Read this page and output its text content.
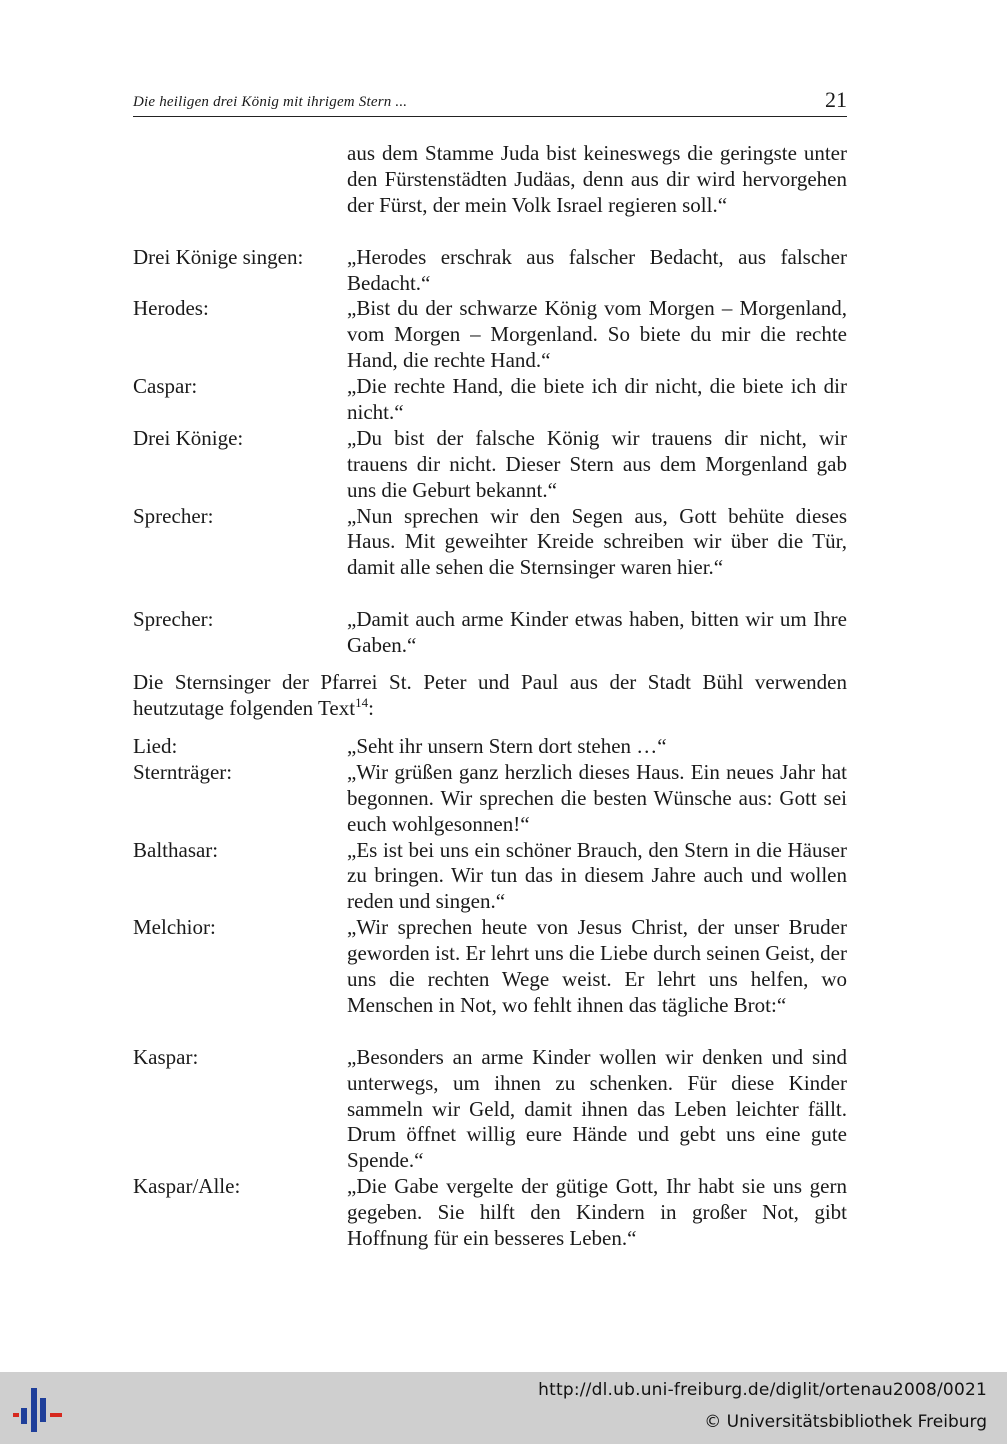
Die heiligen drei König mit ihrigem Stern ...	21
aus dem Stamme Juda bist keineswegs die geringste unter den Fürstenstädten Judäas, denn aus dir wird hervorgehen der Fürst, der mein Volk Israel regieren soll.“
Drei Könige singen:	„Herodes erschrak aus falscher Bedacht, aus falscher Bedacht.“
Herodes:	„Bist du der schwarze König vom Morgen – Morgenland, vom Morgen – Morgenland. So biete du mir die rechte Hand, die rechte Hand.“
Caspar:	„Die rechte Hand, die biete ich dir nicht, die biete ich dir nicht.“
Drei Könige:	„Du bist der falsche König wir trauens dir nicht, wir trauens dir nicht. Dieser Stern aus dem Morgenland gab uns die Geburt bekannt.“
Sprecher:	„Nun sprechen wir den Segen aus, Gott behüte dieses Haus. Mit geweihter Kreide schreiben wir über die Tür, damit alle sehen die Sternsinger waren hier.“
Sprecher:	„Damit auch arme Kinder etwas haben, bitten wir um Ihre Gaben.“
Die Sternsinger der Pfarrei St. Peter und Paul aus der Stadt Bühl verwenden heutzutage folgenden Text$^{14}$:
Lied:	„Seht ihr unsern Stern dort stehen …“
Sternträger:	„Wir grüßen ganz herzlich dieses Haus. Ein neues Jahr hat begonnen. Wir sprechen die besten Wünsche aus: Gott sei euch wohlgesonnen!“
Balthasar:	„Es ist bei uns ein schöner Brauch, den Stern in die Häuser zu bringen. Wir tun das in diesem Jahre auch und wollen reden und singen.“
Melchior:	„Wir sprechen heute von Jesus Christ, der unser Bruder geworden ist. Er lehrt uns die Liebe durch seinen Geist, der uns die rechten Wege weist. Er lehrt uns helfen, wo Menschen in Not, wo fehlt ihnen das tägliche Brot:“
Kaspar:	„Besonders an arme Kinder wollen wir denken und sind unterwegs, um ihnen zu schenken. Für diese Kinder sammeln wir Geld, damit ihnen das Leben leichter fällt. Drum öffnet willig eure Hände und gebt uns eine gute Spende.“
Kaspar/Alle:	„Die Gabe vergelte der gütige Gott, Ihr habt sie uns gern gegeben. Sie hilft den Kindern in großer Not, gibt Hoffnung für ein besseres Leben.“
http://dl.ub.uni-freiburg.de/diglit/ortenau2008/0021
© Universitätsbibliothek Freiburg
